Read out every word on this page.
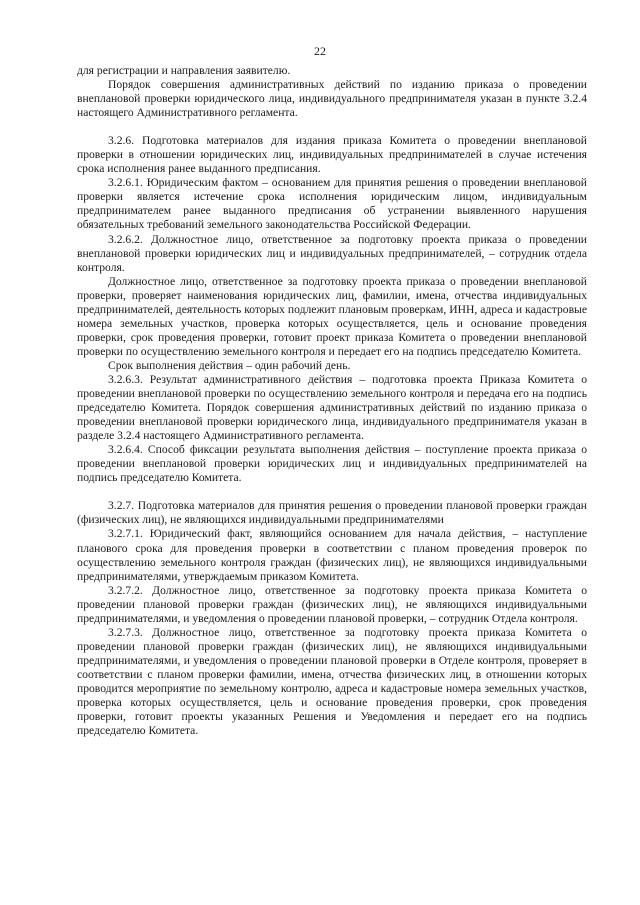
22

для регистрации и направления заявителю.

Порядок совершения административных действий по изданию приказа о проведении внеплановой проверки юридического лица, индивидуального предпринимателя указан в пункте 3.2.4 настоящего Административного регламента.

3.2.6. Подготовка материалов для издания приказа Комитета о проведении внеплановой проверки в отношении юридических лиц, индивидуальных предпринимателей в случае истечения срока исполнения ранее выданного предписания.

3.2.6.1. Юридическим фактом – основанием для принятия решения о проведении внеплановой проверки является истечение срока исполнения юридическим лицом, индивидуальным предпринимателем ранее выданного предписания об устранении выявленного нарушения обязательных требований земельного законодательства Российской Федерации.

3.2.6.2. Должностное лицо, ответственное за подготовку проекта приказа о проведении внеплановой проверки юридических лиц и индивидуальных предпринимателей, – сотрудник отдела контроля.

Должностное лицо, ответственное за подготовку проекта приказа о проведении внеплановой проверки, проверяет наименования юридических лиц, фамилии, имена, отчества индивидуальных предпринимателей, деятельность которых подлежит плановым проверкам, ИНН, адреса и кадастровые номера земельных участков, проверка которых осуществляется, цель и основание проведения проверки, срок проведения проверки, готовит проект приказа Комитета о проведении внеплановой проверки по осуществлению земельного контроля и передает его на подпись председателю Комитета.

Срок выполнения действия – один рабочий день.

3.2.6.3. Результат административного действия – подготовка проекта Приказа Комитета о проведении внеплановой проверки по осуществлению земельного контроля и передача его на подпись председателю Комитета. Порядок совершения административных действий по изданию приказа о проведении внеплановой проверки юридического лица, индивидуального предпринимателя указан в разделе 3.2.4 настоящего Административного регламента.

3.2.6.4. Способ фиксации результата выполнения действия – поступление проекта приказа о проведении внеплановой проверки юридических лиц и индивидуальных предпринимателей на подпись председателю Комитета.

3.2.7. Подготовка материалов для принятия решения о проведении плановой проверки граждан (физических лиц), не являющихся индивидуальными предпринимателями

3.2.7.1. Юридический факт, являющийся основанием для начала действия, – наступление планового срока для проведения проверки в соответствии с планом проведения проверок по осуществлению земельного контроля граждан (физических лиц), не являющихся индивидуальными предпринимателями, утверждаемым приказом Комитета.

3.2.7.2. Должностное лицо, ответственное за подготовку проекта приказа Комитета о проведении плановой проверки граждан (физических лиц), не являющихся индивидуальными предпринимателями, и уведомления о проведении плановой проверки, – сотрудник Отдела контроля.

3.2.7.3. Должностное лицо, ответственное за подготовку проекта приказа Комитета о проведении плановой проверки граждан (физических лиц), не являющихся индивидуальными предпринимателями, и уведомления о проведении плановой проверки в Отделе контроля, проверяет в соответствии с планом проверки фамилии, имена, отчества физических лиц, в отношении которых проводится мероприятие по земельному контролю, адреса и кадастровые номера земельных участков, проверка которых осуществляется, цель и основание проведения проверки, срок проведения проверки, готовит проекты указанных Решения и Уведомления и передает его на подпись председателю Комитета.
